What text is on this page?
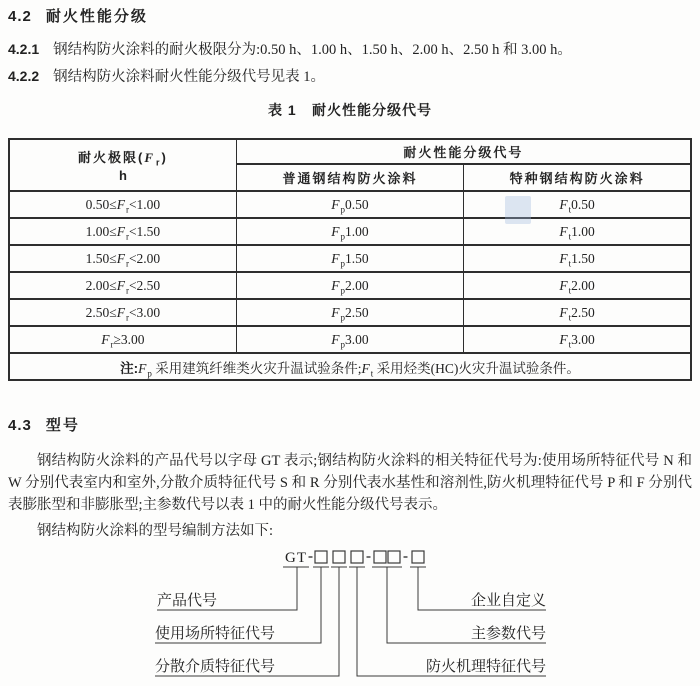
4.2 耐火性能分级

4.2.1 钢结构防火涂料的耐火极限分为:0.50 h、1.00 h、1.50 h、2.00 h、2.50 h 和 3.00 h。

4.2.2 钢结构防火涂料耐火性能分级代号见表 1。

表 1 耐火性能分级代号
耐火极限$(F_r)$
h	耐火性能分级代号	
	普通钢结构防火涂料	特种钢结构防火涂料
$0.50\le F_r<1.00$	$F_p0.50$	$F_t0.50$
$1.00\le F_r<1.50$	$F_p1.00$	$F_t1.00$
$1.50\le F_r<2.00$	$F_p1.50$	$F_t1.50$
$2.00\le F_r<2.50$	$F_p2.00$	$F_t2.00$
$2.50\le F_r<3.00$	$F_p2.50$	$F_t2.50$
$F_r\ge 3.00$	$F_p3.00$	$F_t3.00$
注$:F_p$ 采用建筑纤维类火灾升温试验条件$;F_t$ 采用烃类(HC)火灾升温试验条件。		
4.3 型号

钢结构防火涂料的产品代号以字母 GT 表示;钢结构防火涂料的相关特征代号为:使用场所特征代号 N 和 W 分别代表室内和室外,分散介质特征代号 S 和 R 分别代表水基性和溶剂性,防火机理特征代号 P 和 F 分别代表膨胀型和非膨胀型;主参数代号以表 1 中的耐火性能分级代号表示。

钢结构防火涂料的型号编制方法如下:

GT
产品代号	企业自定义
使用场所特征代号	主参数代号
分散介质特征代号	防火机理特征代号
